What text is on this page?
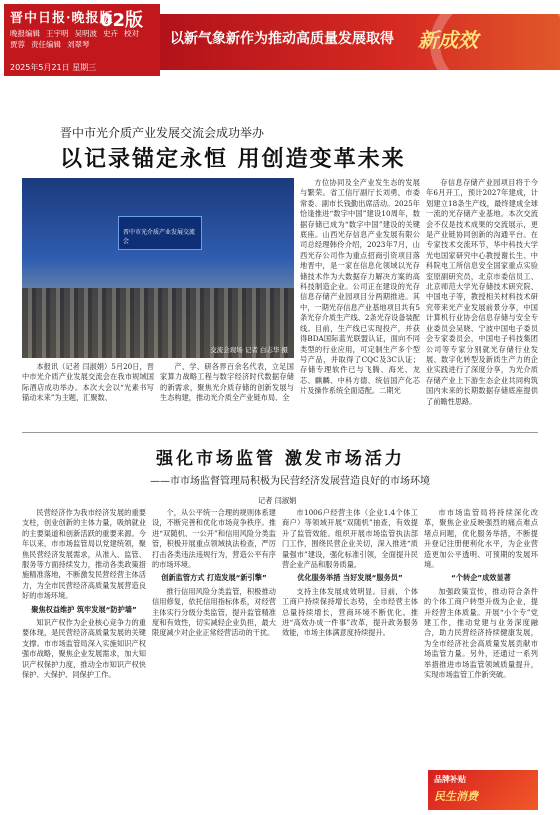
晋中日报·晚报版
02版
晚报编辑 王宇明 吴明波 史卉 校对贾蓉 责任编辑 刘翠琴
2025年5月21日 星期三
以新气象新作为推动高质量发展取得 新成效
晋中市光介质产业发展交流会成功举办
以记录锚定永恒 用创造变革未来
晋中市光介质产业发展交流会
交流会现场 记者 白志华 摄

本报讯（记者 闫淑娟）5月20日，晋中市光介质产业发展交流会在我市规域国际酒店成功举办。本次大会以“光素书写 锚动未来”为主题，汇聚数、

产、学、研各界百余名代表，立足国家算力战略工程与数字经济时代数据存储的新需求，聚焦光介质存储的创新发展与生态构建，推动光介质全产业链布局、全

方位协同及全产业发生态的发展与繁荣。省工信厅副厅长刘勇，市委常委、副市长钱勤出席活动。2025年恰逢推进“数字中国”建设10周年，数据存储已成为“数字中国”建设的关键底座。山西光存信息产业发展有限公司总经理韩伶介绍，2023年7月，山西光存公司作为重点招商引资项目落地晋中，是一家在信息化领域以光存储技术作为大数据存力解决方案的高科技制造企业。公司正在建设的光存信息存储产业园项目分两期推进。其中，一期光存信息产业基地项目共有5条光存介质生产线、2条光存设备装配线。目前，生产线已实现投产，并获得BDA国际蓝光联盟认证，面向不同类型的行业应用，可定制生产多个型号产品，并取得了CQC及3C认证；存储专理软件已与飞腾、海光、龙芯、麒麟、中科方德、统信国产化芯片及操作系统全面适配。二期光

存信息存储产业园项目将于今年6月开工，预计2027年建成，计划建立18条生产线，最终建成全球一流的光存储产业基地。本次交流会不仅是技术成果的交流展示，更是产业链协同创新的沟通平台。在专家技术交流环节，华中科技大学光电国家研究中心教授谢长生、中科院电工所信息安全国家重点实验室原副研究员，北京市委信员工、北京师范大学光存储技术研究院、中国电子等，教授相关材料技术研究带来光产业发展前景分享，中国计算机行业协会信息存储与安全专业委员会吴晓、宁波中国电子委员会专家委员会，中国电子科技集团公司等专家分别就光存储行业发展、数字化转型及新质生产力的企业实践进行了深度分享，为光介质存储产业上下游生态企业共同构筑国内未来的长期数据存储底座提供了前瞻性思路。

强化市场监管 激发市场活力
——市市场监督管理局积极为民营经济发展营造良好的市场环境
记者 闫淑娟

民营经济作为我市经济发展的重要支柱，创业创新的主体力量，吸纳就业的主要渠道和创新活跃的重要来源。今年以来，市市场监管局以党建统领，聚焦民营经济发展需求，从准入、监管、服务等方面持续发力，推动各类政策措施精准落地，不断激发民营经营主体活力，为全市民营经济高质量发展营造良好的市场环境。

聚焦权益维护 筑牢发展“防护墙”

知识产权作为企业核心竞争力的重要体现，是民营经济高质量发展的关键支撑。市市场监管局深入实施知识产权强市战略，聚焦企业发展需求，加大知识产权保护力度，推动全市知识产权快保护、大保护、同保护工作。

个，从公平统一合理的规则体系建设，不断完善和优化市场竞争秩序。推进“双随机、一公开”和信用风险分类监管，积极开展重点领域执法检查，严厉打击各类违法违规行为，营造公平有序的市场环境。

创新监管方式 打造发展“新引擎”

推行信用风险分类监管，积极推动信用修复，依托信用指标体系，对经营主体实行分级分类监管，提升监管精准度和有效性，切实减轻企业负担，最大限度减少对企业正常经营活动的干扰。

市1006户经营主体（企业1.4个体工商户）等领域开展“双随机”抽查，有效提升了监管效能。组织开展市场监管执法部门工作，围绕民营企业关切，深入推进“质量强市”建设，强化标准引领，全面提升民营企业产品和服务质量。

优化服务举措 当好发展“服务员”

支持主体发展成效明显。目前，个体工商户持续保持增长态势，全市经营主体总量持续增长，营商环境不断优化。推进“高效办成一件事”改革，提升政务服务效能，市场主体满意度持续提升。

市市场监管局将持续深化改革，聚焦企业反映强烈的痛点难点堵点问题，优化服务举措，不断提升登记注册便利化水平，为企业营造更加公平透明、可预期的发展环境。

“个转企”成效显著

加强政策宣传，推动符合条件的个体工商户转型升级为企业，提升经营主体质量。开展“小个专”党建工作，推动党建与业务深度融合，助力民营经济持续健康发展，为全市经济社会高质量发展贡献市场监管力量。另外，还通过一系列举措推进市场监管领域质量提升，实现市场监管工作新突破。

品牌补贴
民生消费
